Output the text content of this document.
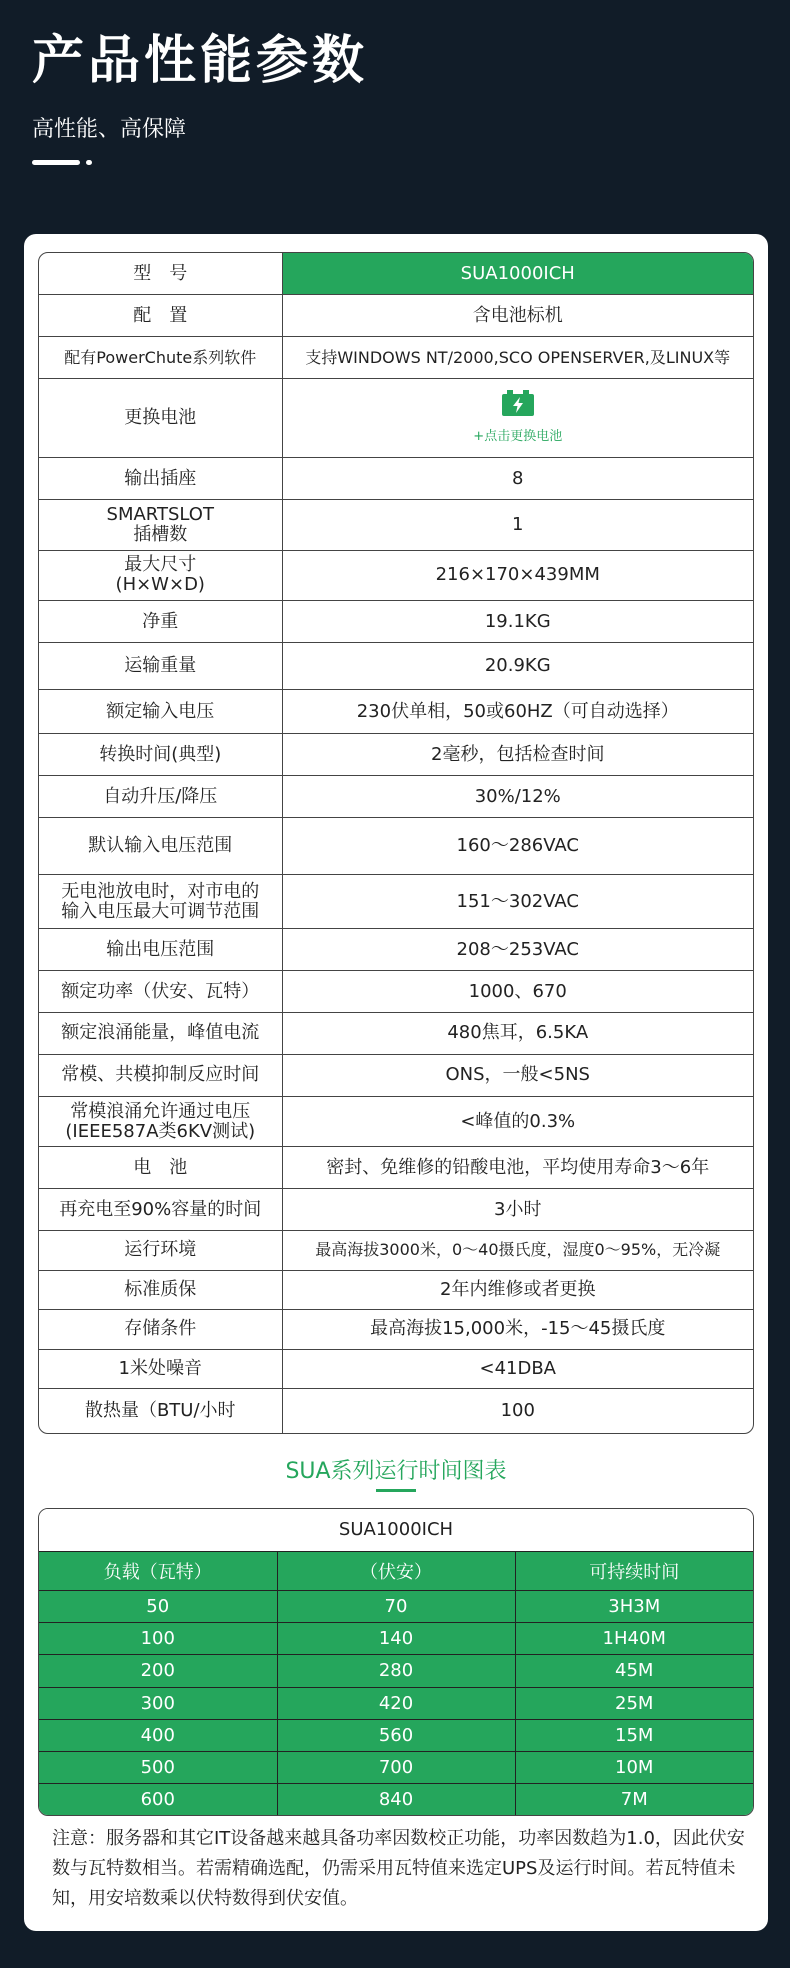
产品性能参数
高性能、高保障
型　号	SUA1000ICH
配　置	含电池标机
配有PowerChute系列软件	支持WINDOWS NT/2000,SCO OPENSERVER,及LINUX等
更换电池	+点击更换电池

输出插座	8
SMARTSLOT
插槽数	1
最大尺寸
(H×W×D)	216×170×439MM
净重	19.1KG
运输重量	20.9KG
额定输入电压	230伏单相，50或60HZ（可自动选择）
转换时间(典型)	2毫秒，包括检查时间
自动升压/降压	30%/12%
默认输入电压范围	160～286VAC
无电池放电时，对市电的
输入电压最大可调节范围	151～302VAC
输出电压范围	208～253VAC
额定功率（伏安、瓦特）	1000、670
额定浪涌能量，峰值电流	480焦耳，6.5KA
常模、共模抑制反应时间	ONS，一般<5NS
常模浪涌允许通过电压
(IEEE587A类6KV测试)	<峰值的0.3%
电　池	密封、免维修的铅酸电池，平均使用寿命3～6年
再充电至90%容量的时间	3小时
运行环境	最高海拔3000米，0～40摄氏度，湿度0～95%，无冷凝
标准质保	2年内维修或者更换
存储条件	最高海拔15,000米，-15～45摄氏度
1米处噪音	<41DBA
散热量（BTU/小时	100
SUA系列运行时间图表
SUA1000ICH		
负载（瓦特）	（伏安）	可持续时间
50	70	3H3M
100	140	1H40M
200	280	45M
300	420	25M
400	560	15M
500	700	10M
600	840	7M
注意：服务器和其它IT设备越来越具备功率因数校正功能，功率因数趋为1.0，因此伏安数与瓦特数相当。若需精确选配，仍需采用瓦特值来选定UPS及运行时间。若瓦特值未知，用安培数乘以伏特数得到伏安值。
